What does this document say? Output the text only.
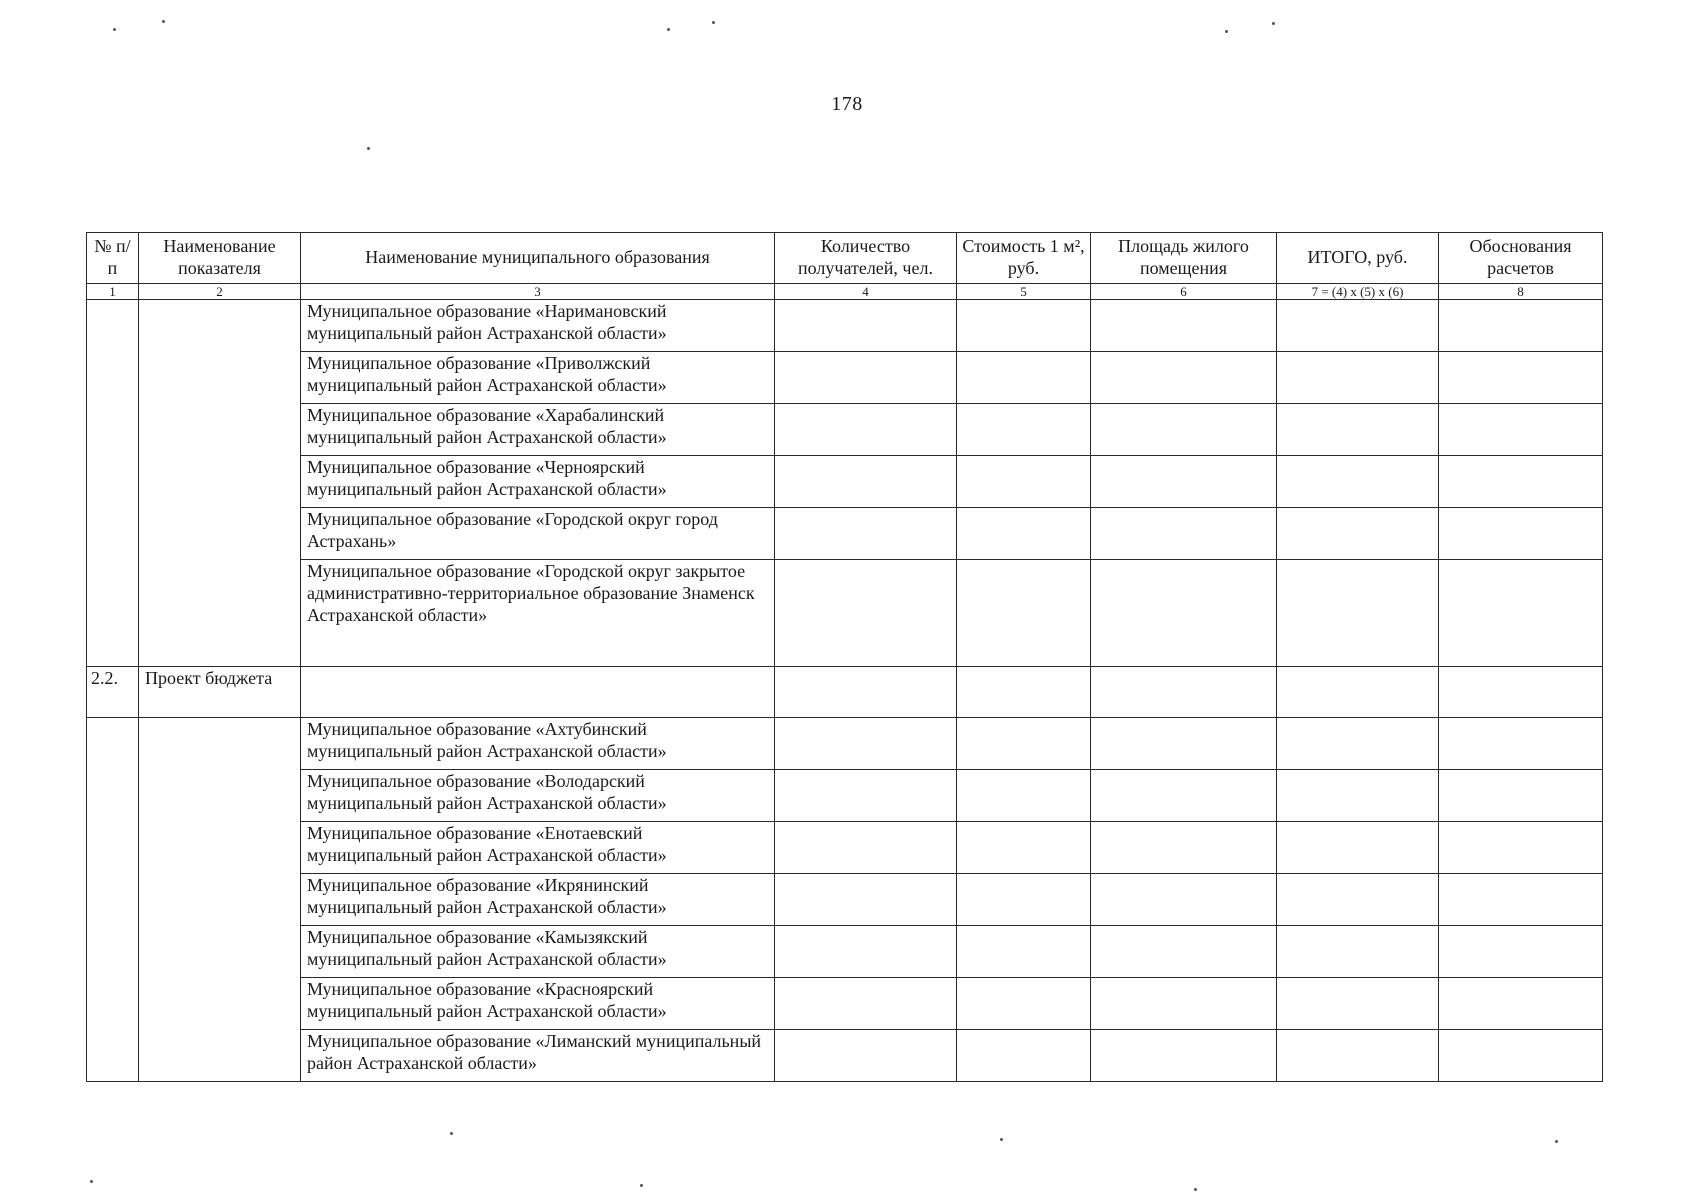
178
№ п/п	Наименование показателя	Наименование муниципального образования	Количество получателей, чел.	Стоимость 1 м², руб.	Площадь жилого помещения	ИТОГО, руб.	Обоснования расчетов
1	2	3	4	5	6	7 = (4) x (5) x (6)	8
		Муниципальное образование «Наримановский муниципальный район Астраханской области»					
		Муниципальное образование «Приволжский муниципальный район Астраханской области»					
		Муниципальное образование «Харабалинский муниципальный район Астраханской области»					
		Муниципальное образование «Черноярский муниципальный район Астраханской области»					
		Муниципальное образование «Городской округ город Астрахань»					
		Муниципальное образование «Городской округ закрытое административно-территориальное образование Знаменск Астраханской области»					
2.2.	Проект бюджета						
		Муниципальное образование «Ахтубинский муниципальный район Астраханской области»					
		Муниципальное образование «Володарский муниципальный район Астраханской области»					
		Муниципальное образование «Енотаевский муниципальный район Астраханской области»					
		Муниципальное образование «Икрянинский муниципальный район Астраханской области»					
		Муниципальное образование «Камызякский муниципальный район Астраханской области»					
		Муниципальное образование «Красноярский муниципальный район Астраханской области»					
		Муниципальное образование «Лиманский муниципальный район Астраханской области»					
